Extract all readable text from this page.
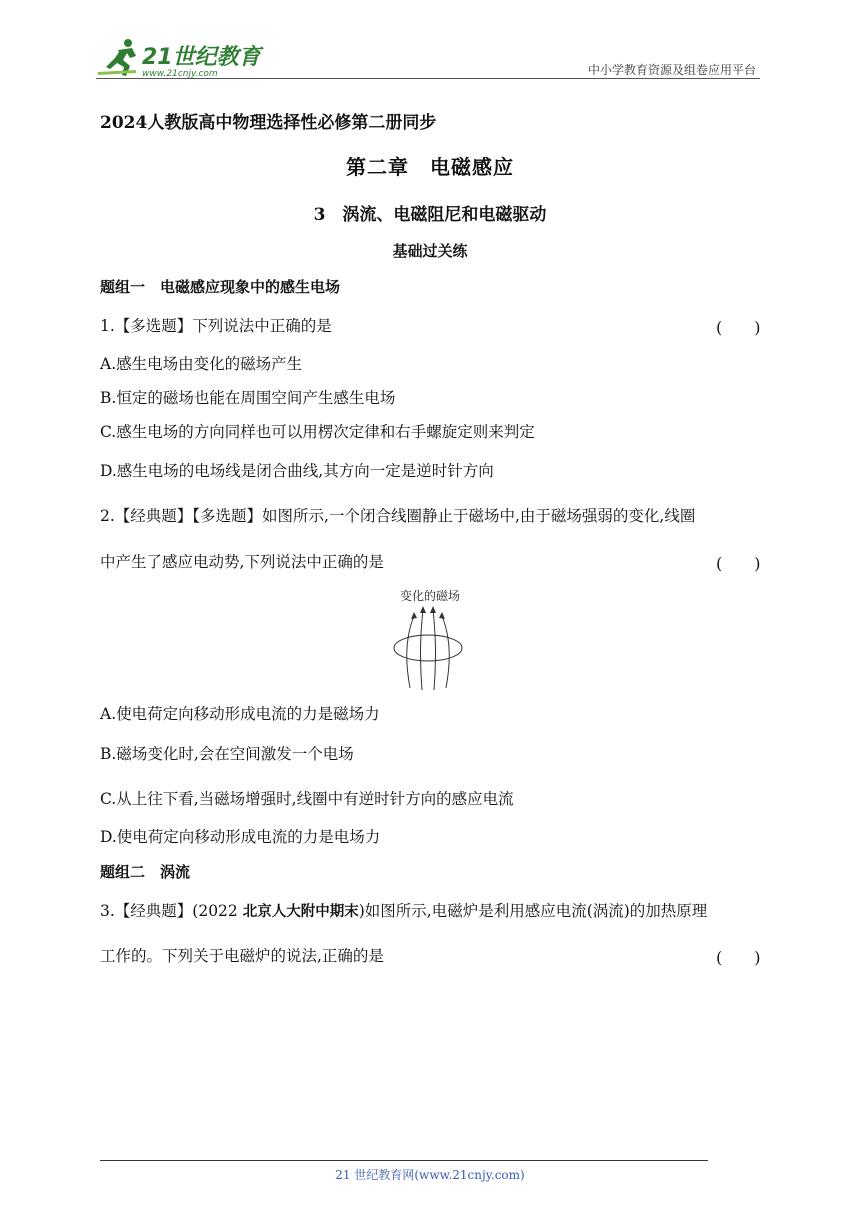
21世纪教育
www.21cnjy.com	中小学教育资源及组卷应用平台
2024人教版高中物理选择性必修第二册同步
第二章　电磁感应
3　涡流、电磁阻尼和电磁驱动
基础过关练
题组一　电磁感应现象中的感生电场
1.【多选题】下列说法中正确的是	(　　)
A.感生电场由变化的磁场产生
B.恒定的磁场也能在周围空间产生感生电场
C.感生电场的方向同样也可以用楞次定律和右手螺旋定则来判定
D.感生电场的电场线是闭合曲线,其方向一定是逆时针方向
2.【经典题】【多选题】如图所示,一个闭合线圈静止于磁场中,由于磁场强弱的变化,线圈
中产生了感应电动势,下列说法中正确的是	(　　)
变化的磁场
A.使电荷定向移动形成电流的力是磁场力
B.磁场变化时,会在空间激发一个电场
C.从上往下看,当磁场增强时,线圈中有逆时针方向的感应电流
D.使电荷定向移动形成电流的力是电场力
题组二　涡流
3.【经典题】(2022 北京人大附中期末)如图所示,电磁炉是利用感应电流(涡流)的加热原理
工作的。下列关于电磁炉的说法,正确的是	(　　)
21 世纪教育网(www.21cnjy.com)
